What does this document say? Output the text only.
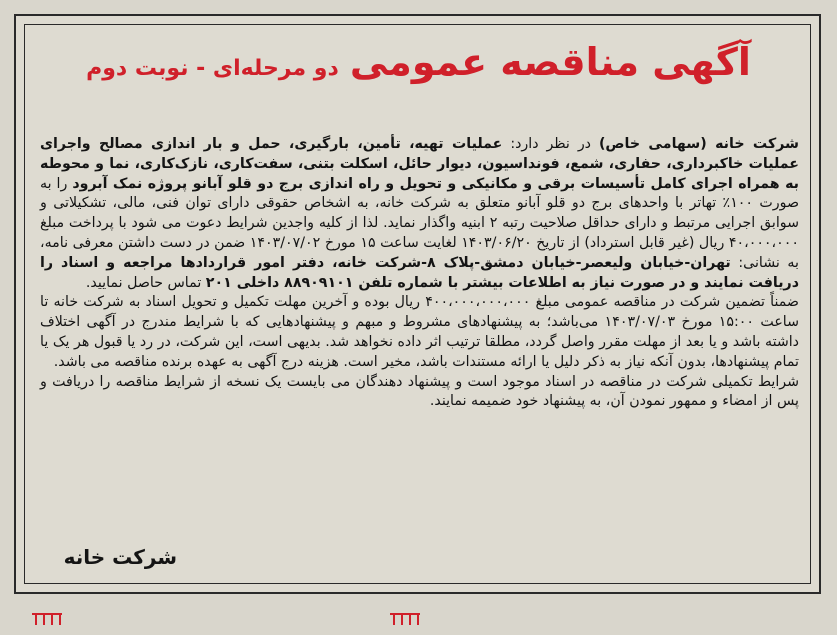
آگهی مناقصه عمومی دو مرحله‌ای - نوبت دوم

شرکت خانه (سهامی خاص) در نظر دارد: عملیات تهیه، تأمین، بارگیری، حمل و بار اندازی مصالح واجرای عملیات خاکبرداری، حفاری، شمع، فونداسیون، دیوار حائل، اسکلت بتنی، سفت‌کاری، نازک‌کاری، نما و محوطه به همراه اجرای کامل تأسیسات برقی و مکانیکی و تحویل و راه اندازی برج دو قلو آبانو پروژه نمک آبرود را به صورت ۱۰۰٪ تهاتر با واحدهای برج دو قلو آبانو متعلق به شرکت خانه، به اشخاص حقوقی دارای توان فنی، مالی، تشکیلاتی و سوابق اجرایی مرتبط و دارای حداقل صلاحیت رتبه ۲ ابنیه واگذار نماید. لذا از کلیه واجدین شرایط دعوت می شود با پرداخت مبلغ ۴۰،۰۰۰،۰۰۰ ریال (غیر قابل استرداد) از تاریخ ۱۴۰۳/۰۶/۲۰ لغایت ساعت ۱۵ مورخ ۱۴۰۳/۰۷/۰۲ ضمن در دست داشتن معرفی نامه، به نشانی: تهران-خیابان ولیعصر-خیابان دمشق-پلاک ۸-شرکت خانه، دفتر امور قراردادها مراجعه و اسناد را دریافت نمایند و در صورت نیاز به اطلاعات بیشتر با شماره تلفن ۸۸۹۰۹۱۰۱ داخلی ۲۰۱ تماس حاصل نمایید.

ضمناً تضمین شرکت در مناقصه عمومی مبلغ ۴۰۰،۰۰۰،۰۰۰،۰۰۰ ریال بوده و آخرین مهلت تکمیل و تحویل اسناد به شرکت خانه تا ساعت ۱۵:۰۰ مورخ ۱۴۰۳/۰۷/۰۳ می‌باشد؛ به پیشنهادهای مشروط و مبهم و پیشنهادهایی که با شرایط مندرج در آگهی اختلاف داشته باشد و یا بعد از مهلت مقرر واصل گردد، مطلقا ترتیب اثر داده نخواهد شد. بدیهی است، این شرکت، در رد یا قبول هر یک یا تمام پیشنهادها، بدون آنکه نیاز به ذکر دلیل یا ارائه مستندات باشد، مخیر است. هزینه درج آگهی به عهده برنده مناقصه می باشد.

شرایط تکمیلی شرکت در مناقصه در اسناد موجود است و پیشنهاد دهندگان می بایست یک نسخه از شرایط مناقصه را دریافت و پس از امضاء و ممهور نمودن آن، به پیشنهاد خود ضمیمه نمایند.

شرکت خانه
